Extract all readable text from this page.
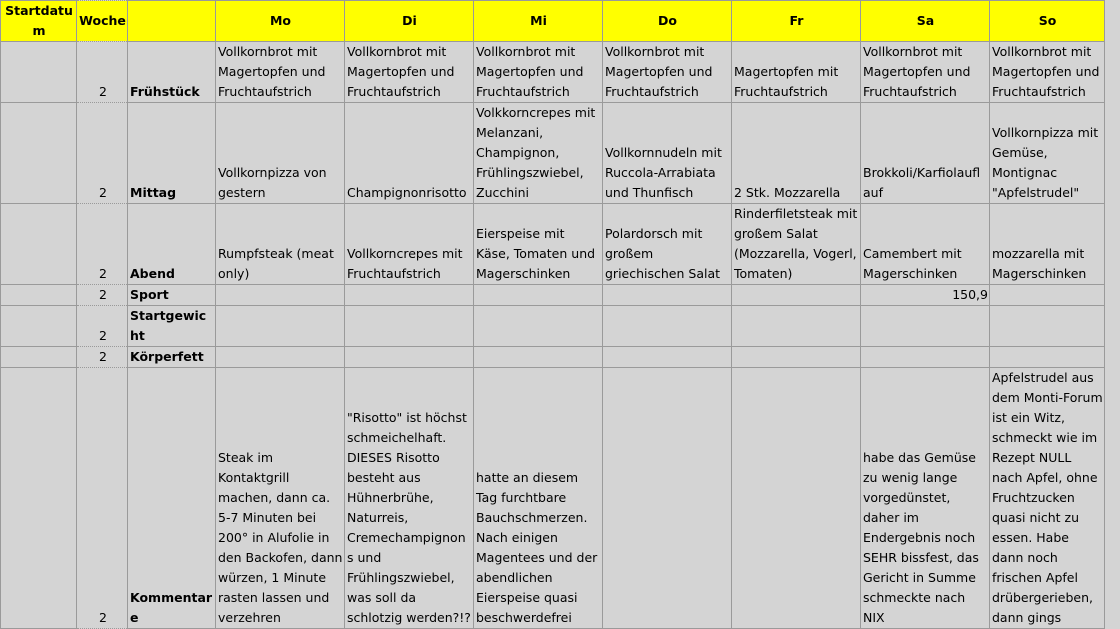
Startdatum	Woche		Mo	Di	Mi	Do	Fr	Sa	So
	2	Frühstück	Vollkornbrot mit Magertopfen und Fruchtaufstrich	Vollkornbrot mit Magertopfen und Fruchtaufstrich	Vollkornbrot mit Magertopfen und Fruchtaufstrich	Vollkornbrot mit Magertopfen und Fruchtaufstrich	Magertopfen mit Fruchtaufstrich	Vollkornbrot mit Magertopfen und Fruchtaufstrich	Vollkornbrot mit Magertopfen und Fruchtaufstrich
	2	Mittag	Vollkornpizza von gestern	Champignonrisotto	Volkkorncrepes mit Melanzani, Champignon, Frühlingszwiebel, Zucchini	Vollkornnudeln mit Ruccola-Arrabiata und Thunfisch	2 Stk. Mozzarella	Brokkoli/Karfiolaufl auf	Vollkornpizza mit Gemüse, Montignac "Apfelstrudel"
	2	Abend	Rumpfsteak (meat only)	Vollkorncrepes mit Fruchtaufstrich	Eierspeise mit Käse, Tomaten und Magerschinken	Polardorsch mit großem griechischen Salat	Rinderfiletsteak mit großem Salat (Mozzarella, Vogerl, Tomaten)	Camembert mit Magerschinken	mozzarella mit Magerschinken
	2	Sport						150,9	
	2	Startgewicht							
	2	Körperfett							
	2	Kommentare	Steak im Kontaktgrill machen, dann ca. 5-7 Minuten bei 200° in Alufolie in den Backofen, dann würzen, 1 Minute rasten lassen und verzehren	"Risotto" ist höchst schmeichelhaft. DIESES Risotto besteht aus Hühnerbrühe, Naturreis, Cremechampignons und Frühlingszwiebel, was soll da schlotzig werden?!?	hatte an diesem Tag furchtbare Bauchschmerzen. Nach einigen Magentees und der abendlichen Eierspeise quasi beschwerdefrei			habe das Gemüse zu wenig lange vorgedünstet, daher im Endergebnis noch SEHR bissfest, das Gericht in Summe schmeckte nach NIX	Apfelstrudel aus dem Monti-Forum ist ein Witz, schmeckt wie im Rezept NULL nach Apfel, ohne Fruchtzucken quasi nicht zu essen. Habe dann noch frischen Apfel drübergerieben, dann gings
